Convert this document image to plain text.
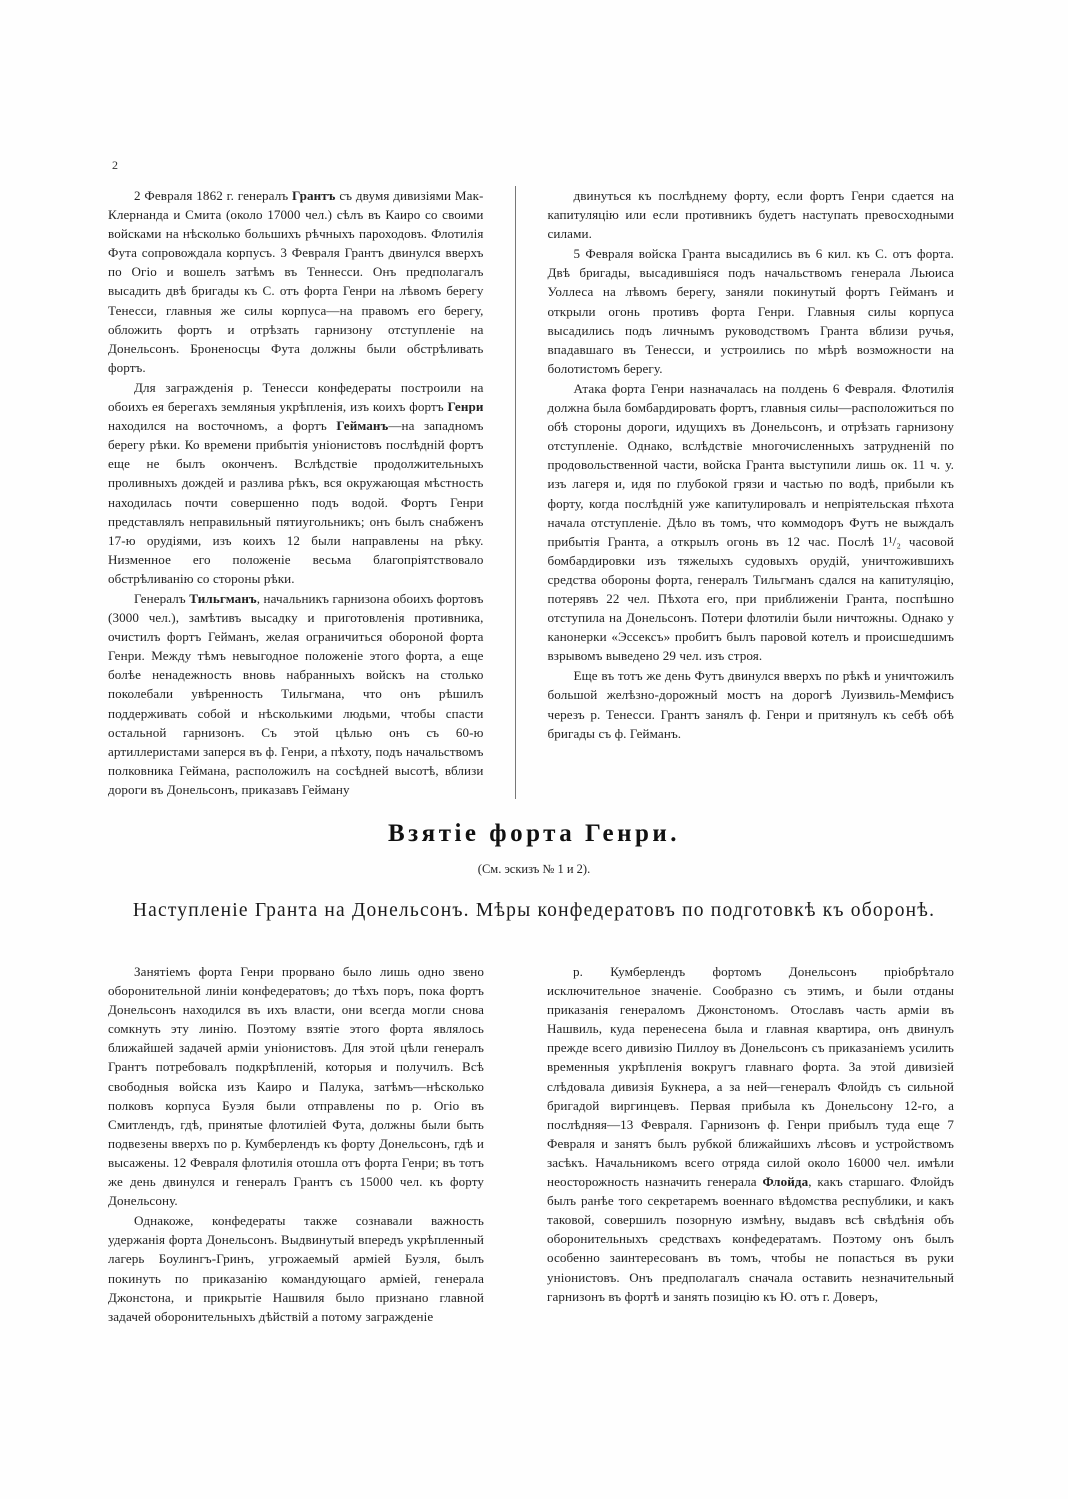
2

2 Февраля 1862 г. генералъ Грантъ съ двумя дивизіями Мак-Клернанда и Смита (около 17000 чел.) сѣлъ въ Каиро со своими войсками на нѣсколько большихъ рѣчныхъ пароходовъ. Флотилія Фута сопровождала корпусъ. 3 Февраля Грантъ двинулся вверхъ по Огіо и вошелъ затѣмъ въ Теннесси. Онъ предполагалъ высадить двѣ бригады къ С. отъ форта Генри на лѣвомъ берегу Тенесси, главныя же силы корпуса—на правомъ его берегу, обложить фортъ и отрѣзать гарнизону отступленіе на Донельсонъ. Броненосцы Фута должны были обстрѣливать фортъ.

Для загражденія р. Тенесси конфедераты построили на обоихъ ея берегахъ земляныя укрѣпленія, изъ коихъ фортъ Генри находился на восточномъ, а фортъ Гейманъ—на западномъ берегу рѣки. Ко времени прибытія уніонистовъ послѣдній фортъ еще не былъ оконченъ. Вслѣдствіе продолжительныхъ проливныхъ дождей и разлива рѣкъ, вся окружающая мѣстность находилась почти совершенно подъ водой. Фортъ Генри представлялъ неправильный пятиугольникъ; онъ былъ снабженъ 17-ю орудіями, изъ коихъ 12 были направлены на рѣку. Низменное его положеніе весьма благопріятствовало обстрѣливанію со стороны рѣки.

Генералъ Тильгманъ, начальникъ гарнизона обоихъ фортовъ (3000 чел.), замѣтивъ высадку и приготовленія противника, очистилъ фортъ Гейманъ, желая ограничиться обороной форта Генри. Между тѣмъ невыгодное положеніе этого форта, а еще болѣе ненадежность вновь набранныхъ войскъ на столько поколебали увѣренность Тильгмана, что онъ рѣшилъ поддерживать собой и нѣсколькими людьми, чтобы спасти остальной гарнизонъ. Съ этой цѣлью онъ съ 60-ю артиллеристами заперся въ ф. Генри, а пѣхоту, подъ начальствомъ полковника Геймана, расположилъ на сосѣдней высотѣ, вблизи дороги въ Донельсонъ, приказавъ Гейману

двинуться къ послѣднему форту, если фортъ Генри сдается на капитуляцію или если противникъ будетъ наступать превосходными силами.

5 Февраля войска Гранта высадились въ 6 кил. къ С. отъ форта. Двѣ бригады, высадившіяся подъ начальствомъ генерала Льюиса Уоллеса на лѣвомъ берегу, заняли покинутый фортъ Гейманъ и открыли огонь противъ форта Генри. Главныя силы корпуса высадились подъ личнымъ руководствомъ Гранта вблизи ручья, впадавшаго въ Тенесси, и устроились по мѣрѣ возможности на болотистомъ берегу.

Атака форта Генри назначалась на полдень 6 Февраля. Флотилія должна была бомбардировать фортъ, главныя силы—расположиться по обѣ стороны дороги, идущихъ въ Донельсонъ, и отрѣзать гарнизону отступленіе. Однако, вслѣдствіе многочисленныхъ затрудненій по продовольственной части, войска Гранта выступили лишь ок. 11 ч. у. изъ лагеря и, идя по глубокой грязи и частью по водѣ, прибыли къ форту, когда послѣдній уже капитулировалъ и непріятельская пѣхота начала отступленіе. Дѣло въ томъ, что коммодоръ Футъ не выждалъ прибытія Гранта, а открылъ огонь въ 12 час. Послѣ 1¹/₂ часовой бомбардировки изъ тяжелыхъ судовыхъ орудій, уничтожившихъ средства обороны форта, генералъ Тильгманъ сдался на капитуляцію, потерявъ 22 чел. Пѣхота его, при приближеніи Гранта, поспѣшно отступила на Донельсонъ. Потери флотиліи были ничтожны. Однако у канонерки «Эссексъ» пробитъ былъ паровой котелъ и происшедшимъ взрывомъ выведено 29 чел. изъ строя.

Еще въ тотъ же день Футъ двинулся вверхъ по рѣкѣ и уничтожилъ большой желѣзно-дорожный мостъ на дорогѣ Луизвиль-Мемфисъ черезъ р. Тенесси. Грантъ занялъ ф. Генри и притянулъ къ себѣ обѣ бригады съ ф. Гейманъ.

Взятіе форта Генри.
(См. эскизъ № 1 и 2).
Наступленіе Гранта на Донельсонъ. Мѣры конфедератовъ по подготовкѣ къ оборонѣ.

Занятіемъ форта Генри прорвано было лишь одно звено оборонительной линіи конфедератовъ; до тѣхъ поръ, пока фортъ Донельсонъ находился въ ихъ власти, они всегда могли снова сомкнуть эту линію. Поэтому взятіе этого форта являлось ближайшей задачей арміи уніонистовъ. Для этой цѣли генералъ Грантъ потребовалъ подкрѣпленій, которыя и получилъ. Всѣ свободныя войска изъ Каиро и Палука, затѣмъ—нѣсколько полковъ корпуса Буэля были отправлены по р. Огіо въ Смитлендъ, гдѣ, принятые флотиліей Фута, должны были быть подвезены вверхъ по р. Кумберлендъ къ форту Донельсонъ, гдѣ и высажены. 12 Февраля флотилія отошла отъ форта Генри; въ тотъ же день двинулся и генералъ Грантъ съ 15000 чел. къ форту Донельсону.

Однакоже, конфедераты также сознавали важность удержанія форта Донельсонъ. Выдвинутый впередъ укрѣпленный лагерь Боулингъ-Гринъ, угрожаемый арміей Буэля, былъ покинуть по приказанію командующаго арміей, генерала Джонстона, и прикрытіе Нашвиля было признано главной задачей оборонительныхъ дѣйствій а потому загражденіе

р. Кумберлендъ фортомъ Донельсонъ пріобрѣтало исключительное значеніе. Сообразно съ этимъ, и были отданы приказанія генераломъ Джонстономъ. Отославъ часть арміи въ Нашвиль, куда перенесена была и главная квартира, онъ двинулъ прежде всего дивизію Пиллоу въ Донельсонъ съ приказаніемъ усилить временныя укрѣпленія вокругъ главнаго форта. За этой дивизіей слѣдовала дивизія Букнера, а за ней—генералъ Флойдъ съ сильной бригадой виргинцевъ. Первая прибыла къ Донельсону 12-го, а послѣдняя—13 Февраля. Гарнизонъ ф. Генри прибылъ туда еще 7 Февраля и занятъ былъ рубкой ближайшихъ лѣсовъ и устройствомъ засѣкъ. Начальникомъ всего отряда силой около 16000 чел. имѣли неосторожность назначить генерала Флойда, какъ старшаго. Флойдъ былъ ранѣе того секретаремъ военнаго вѣдомства республики, и какъ таковой, совершилъ позорную измѣну, выдавъ всѣ свѣдѣнія объ оборонительныхъ средствахъ конфедератамъ. Поэтому онъ былъ особенно заинтересованъ въ томъ, чтобы не попасться въ руки уніонистовъ. Онъ предполагалъ сначала оставить незначительный гарнизонъ въ фортѣ и занять позицію къ Ю. отъ г. Доверъ,
